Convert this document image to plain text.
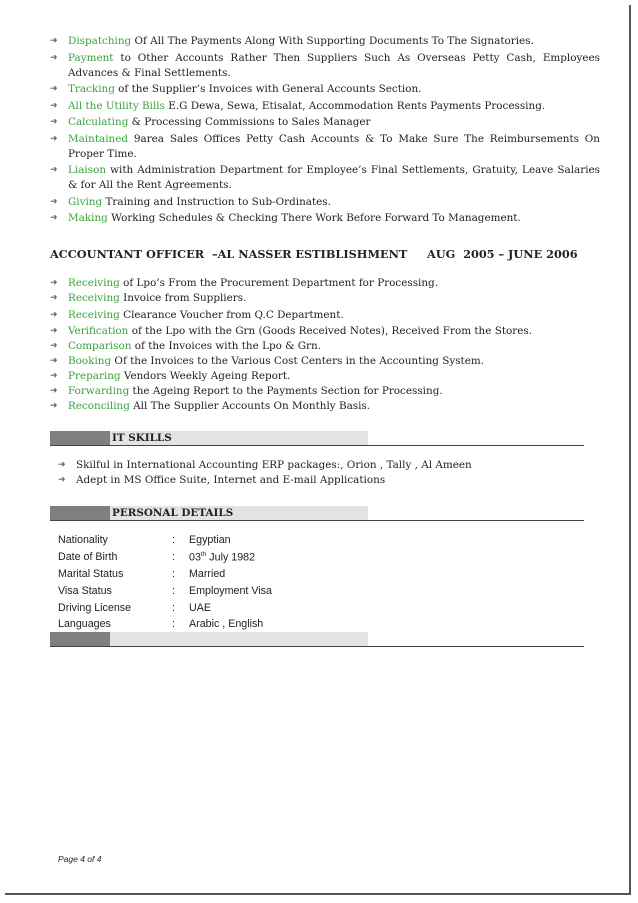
➜ Dispatching Of All The Payments Along With Supporting Documents To The Signatories.
➜ Payment to Other Accounts Rather Then Suppliers Such As Overseas Petty Cash, Employees Advances & Final Settlements.
➜ Tracking of the Supplier’s Invoices with General Accounts Section.
➜ All the Utility Bills E.G Dewa, Sewa, Etisalat, Accommodation Rents Payments Processing.
➜ Calculating & Processing Commissions to Sales Manager
➜ Maintained 9area Sales Offices Petty Cash Accounts & To Make Sure The Reimbursements On Proper Time.
➜ Liaison with Administration Department for Employee’s Final Settlements, Gratuity, Leave Salaries & for All the Rent Agreements.
➜ Giving Training and Instruction to Sub-Ordinates.
➜ Making Working Schedules & Checking There Work Before Forward To Management.
ACCOUNTANT OFFICER  –AL NASSER ESTIBLISHMENT     AUG  2005 – JUNE 2006
➜ Receiving of Lpo’s From the Procurement Department for Processing.
➜ Receiving Invoice from Suppliers.
➜ Receiving Clearance Voucher from Q.C Department.
➜ Verification of the Lpo with the Grn (Goods Received Notes), Received From the Stores.
➜ Comparison of the Invoices with the Lpo & Grn.
➜ Booking Of the Invoices to the Various Cost Centers in the Accounting System.
➜ Preparing Vendors Weekly Ageing Report.
➜ Forwarding the Ageing Report to the Payments Section for Processing.
➜ Reconciling All The Supplier Accounts On Monthly Basis.
IT SKILLS
➜ Skilful in International Accounting ERP packages:, Orion , Tally , Al Ameen
➜ Adept in MS Office Suite, Internet and E-mail Applications
PERSONAL DETAILS
Nationality	:	Egyptian
Date of Birth	:	03th July 1982
Marital Status	:	Married
Visa Status	:	Employment Visa
Driving License	:	UAE
Languages	:	Arabic , English
Page 4 of 4
